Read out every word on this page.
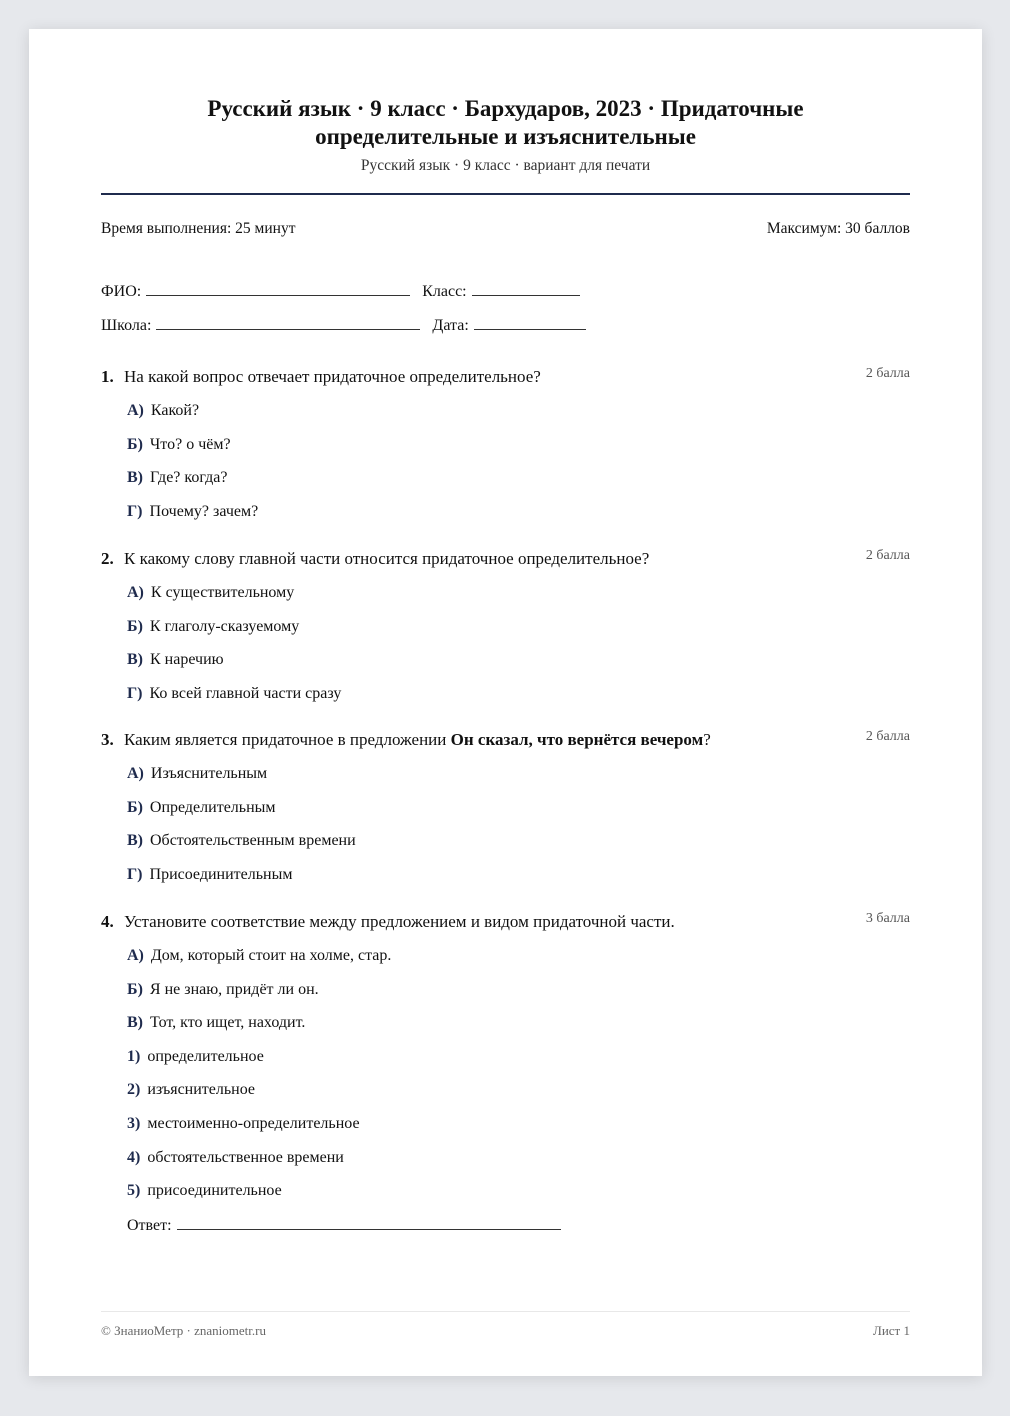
Русский язык · 9 класс · Бархударов, 2023 · Придаточные определительные и изъяснительные
Русский язык · 9 класс · вариант для печати
Время выполнения: 25 минут	Максимум: 30 баллов
ФИО:	Класс:
Школа:	Дата:
1. На какой вопрос отвечает придаточное определительное?	2 балла
А) Какой?
Б) Что? о чём?
В) Где? когда?
Г) Почему? зачем?
2. К какому слову главной части относится придаточное определительное?	2 балла
А) К существительному
Б) К глаголу-сказуемому
В) К наречию
Г) Ко всей главной части сразу
3. Каким является придаточное в предложении Он сказал, что вернётся вечером?	2 балла
А) Изъяснительным
Б) Определительным
В) Обстоятельственным времени
Г) Присоединительным
4. Установите соответствие между предложением и видом придаточной части.	3 балла
А) Дом, который стоит на холме, стар.
Б) Я не знаю, придёт ли он.
В) Тот, кто ищет, находит.
1) определительное
2) изъяснительное
3) местоименно-определительное
4) обстоятельственное времени
5) присоединительное
Ответ:
© ЗнаниоМетр · znaniometr.ru	Лист 1
